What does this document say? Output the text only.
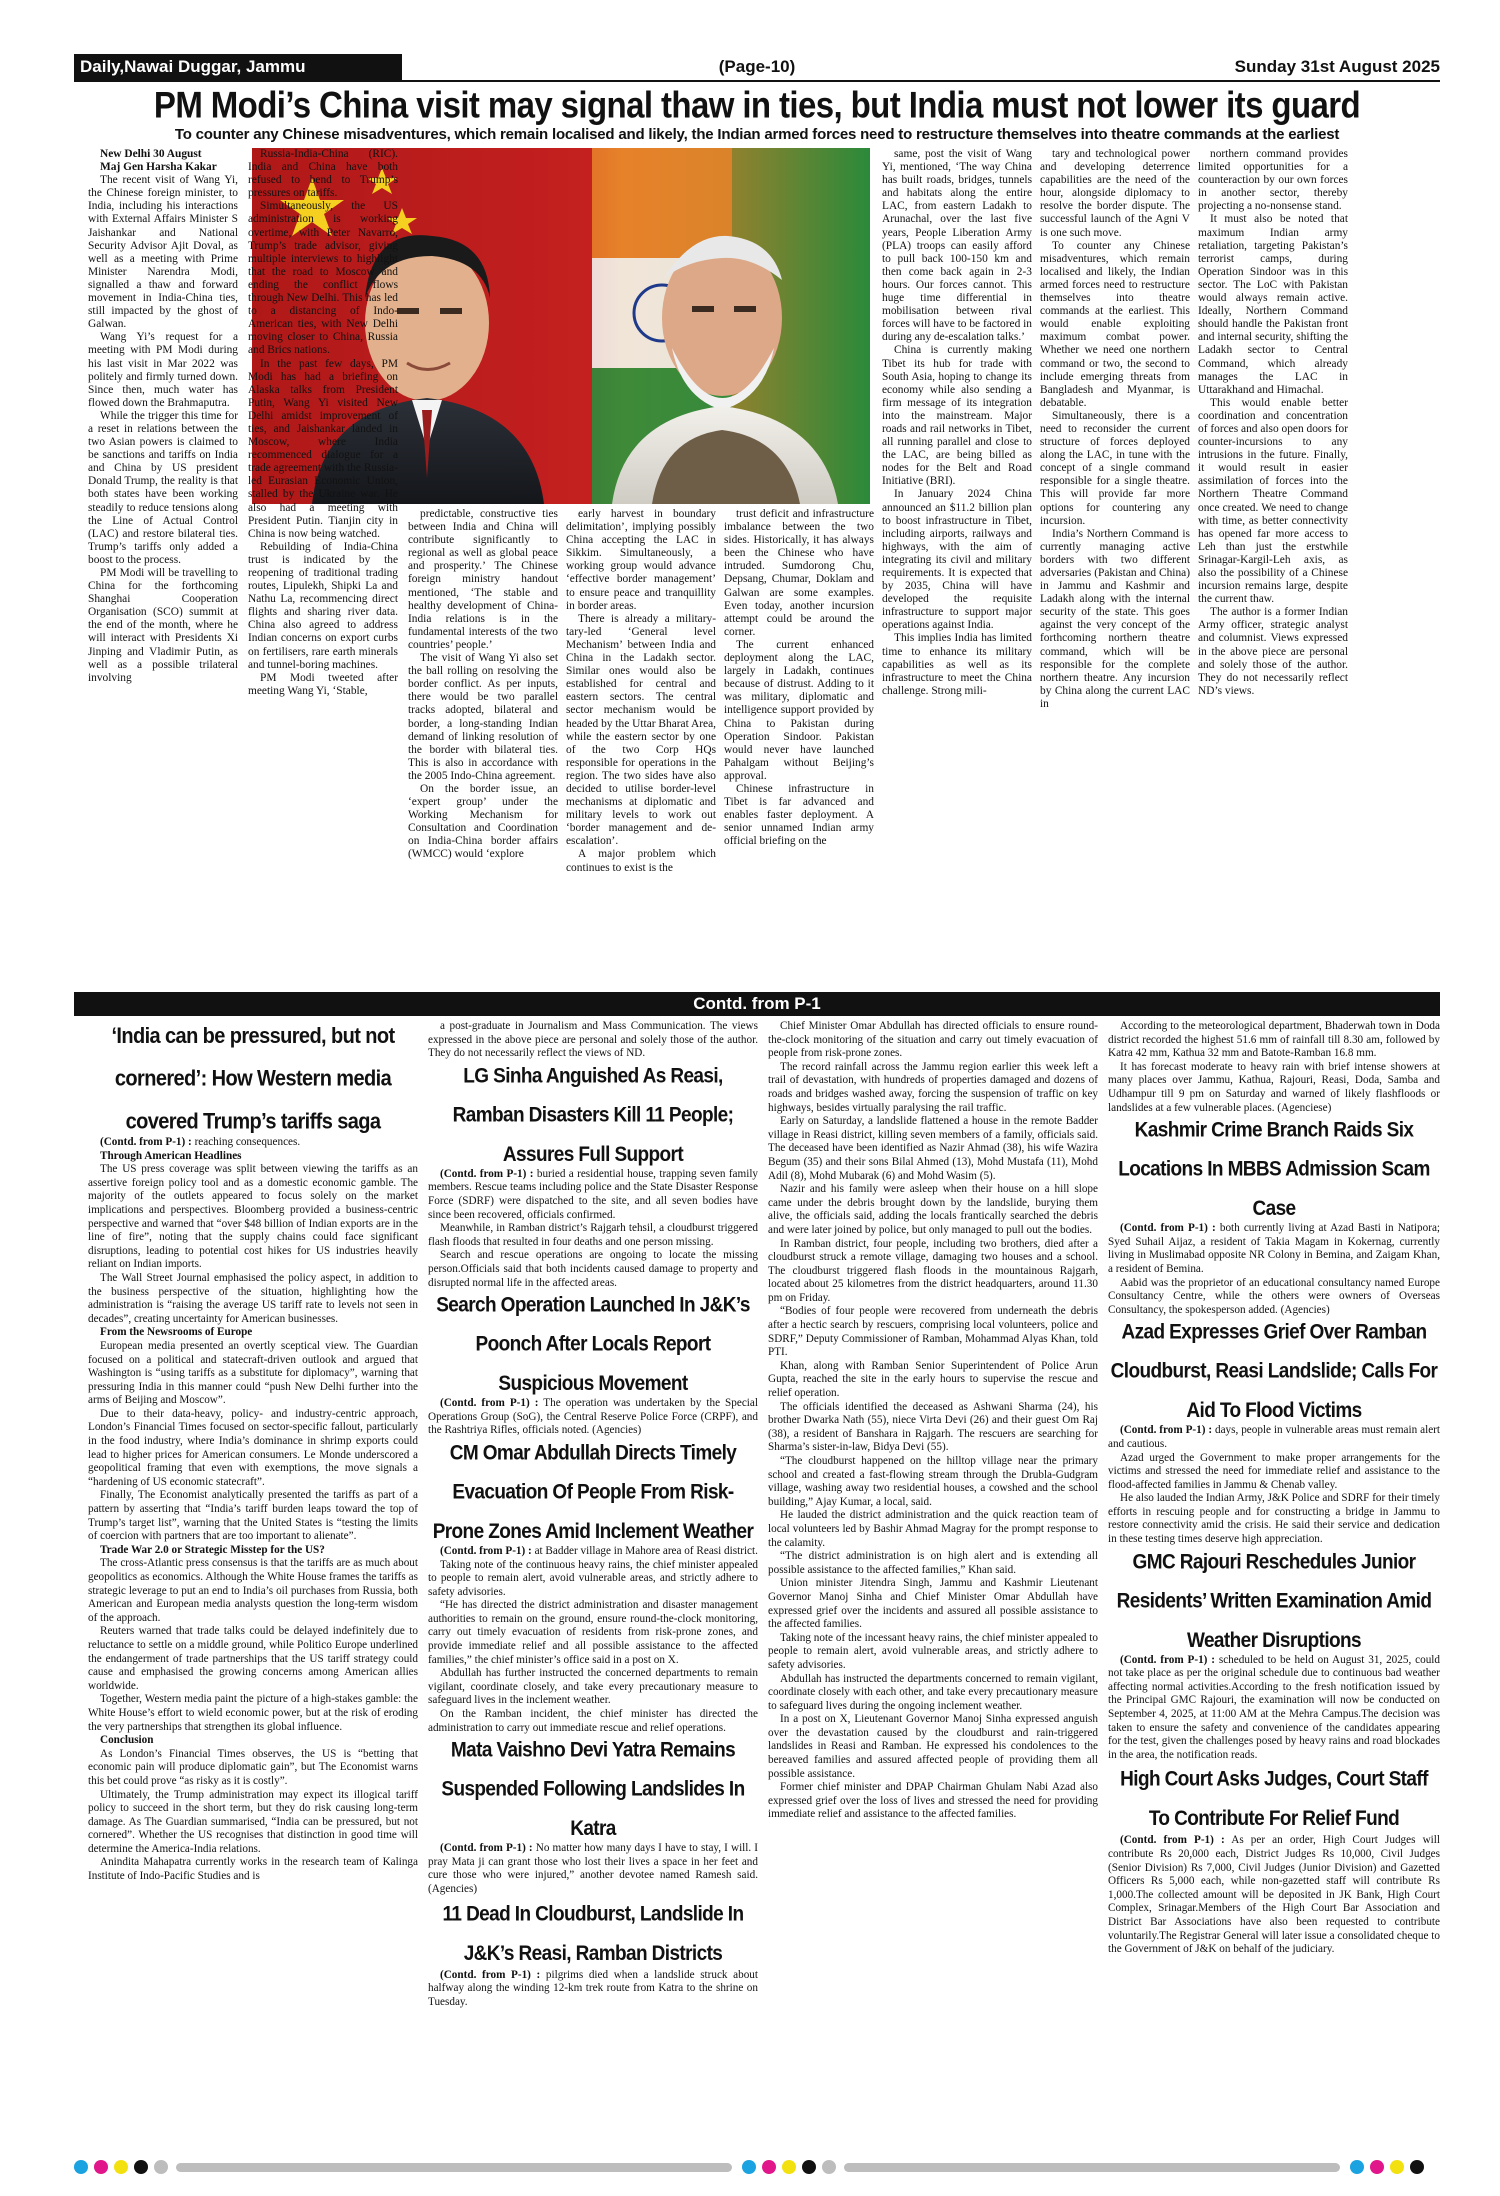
Daily,Nawai Duggar, Jammu	(Page-10)	Sunday 31st August 2025
PM Modi’s China visit may signal thaw in ties, but India must not lower its guard
To counter any Chinese misadventures, which remain localised and likely, the Indian armed forces need to restructure themselves into theatre commands at the earliest

New Delhi 30 August

Maj Gen Harsha Kakar

The recent visit of Wang Yi, the Chinese foreign minister, to India, including his interactions with External Affairs Minister S Jaishankar and National Security Advisor Ajit Doval, as well as a meeting with Prime Minister Narendra Modi, signalled a thaw and forward movement in India-China ties, still impacted by the ghost of Galwan.

Wang Yi’s request for a meeting with PM Modi during his last visit in Mar 2022 was politely and firmly turned down. Since then, much water has flowed down the Brahmaputra.

While the trigger this time for a reset in relations between the two Asian powers is claimed to be sanctions and tariffs on India and China by US president Donald Trump, the reality is that both states have been working steadily to reduce tensions along the Line of Actual Control (LAC) and restore bilateral ties. Trump’s tariffs only added a boost to the process.

PM Modi will be travelling to China for the forthcoming Shanghai Cooperation Organisation (SCO) summit at the end of the month, where he will interact with Presidents Xi Jinping and Vladimir Putin, as well as a possible trilateral involving

Russia-India-China (RIC). India and China have both refused to bend to Trump’s pressures on tariffs.

Simultaneously, the US administration is working overtime, with Peter Navarro, Trump’s trade advisor, giving multiple interviews to highlight that the road to Moscow and ending the conflict flows through New Delhi. This has led to a distancing of Indo-American ties, with New Delhi moving closer to China, Russia and Brics nations.

In the past few days, PM Modi has had a briefing on Alaska talks from President Putin, Wang Yi visited New Delhi amidst improvement of ties, and Jaishankar landed in Moscow, where India recommenced dialogue for a trade agreement with the Russia-led Eurasian Economic Union, stalled by the Ukraine war. He also had a meeting with President Putin. Tianjin city in China is now being watched.

Rebuilding of India-China trust is indicated by the reopening of traditional trading routes, Lipulekh, Shipki La and Nathu La, recommencing direct flights and sharing river data. China also agreed to address Indian concerns on export curbs on fertilisers, rare earth minerals and tunnel-boring machines.

PM Modi tweeted after meeting Wang Yi, ‘Stable,

predictable, constructive ties between India and China will contribute significantly to regional as well as global peace and prosperity.’ The Chinese foreign ministry handout mentioned, ‘The stable and healthy development of China-India relations is in the fundamental interests of the two countries’ people.’

The visit of Wang Yi also set the ball rolling on resolving the border conflict. As per inputs, there would be two parallel tracks adopted, bilateral and border, a long-standing Indian demand of linking resolution of the border with bilateral ties. This is also in accordance with the 2005 Indo-China agreement.

On the border issue, an ‘expert group’ under the Working Mechanism for Consultation and Coordination on India-China border affairs (WMCC) would ‘explore

early harvest in boundary delimitation’, implying possibly China accepting the LAC in Sikkim. Simultaneously, a working group would advance ‘effective border management’ to ensure peace and tranquillity in border areas.

There is already a military-tary-led ‘General level Mechanism’ between India and China in the Ladakh sector. Similar ones would also be established for central and eastern sectors. The central sector mechanism would be headed by the Uttar Bharat Area, while the eastern sector by one of the two Corp HQs responsible for operations in the region. The two sides have also decided to utilise border-level mechanisms at diplomatic and military levels to work out ‘border management and de-escalation’.

A major problem which continues to exist is the

trust deficit and infrastructure imbalance between the two sides. Historically, it has always been the Chinese who have intruded. Sumdorong Chu, Depsang, Chumar, Doklam and Galwan are some examples. Even today, another incursion attempt could be around the corner.

The current enhanced deployment along the LAC, largely in Ladakh, continues because of distrust. Adding to it was military, diplomatic and intelligence support provided by China to Pakistan during Operation Sindoor. Pakistan would never have launched Pahalgam without Beijing’s approval.

Chinese infrastructure in Tibet is far advanced and enables faster deployment. A senior unnamed Indian army official briefing on the

same, post the visit of Wang Yi, mentioned, ‘The way China has built roads, bridges, tunnels and habitats along the entire LAC, from eastern Ladakh to Arunachal, over the last five years, People Liberation Army (PLA) troops can easily afford to pull back 100-150 km and then come back again in 2-3 hours. Our forces cannot. This huge time differential in mobilisation between rival forces will have to be factored in during any de-escalation talks.’

China is currently making Tibet its hub for trade with South Asia, hoping to change its economy while also sending a firm message of its integration into the mainstream. Major roads and rail networks in Tibet, all running parallel and close to the LAC, are being billed as nodes for the Belt and Road Initiative (BRI).

In January 2024 China announced an $11.2 billion plan to boost infrastructure in Tibet, including airports, railways and highways, with the aim of integrating its civil and military requirements. It is expected that by 2035, China will have developed the requisite infrastructure to support major operations against India.

This implies India has limited time to enhance its military capabilities as well as its infrastructure to meet the China challenge. Strong mili-

tary and technological power and developing deterrence capabilities are the need of the hour, alongside diplomacy to resolve the border dispute. The successful launch of the Agni V is one such move.

To counter any Chinese misadventures, which remain localised and likely, the Indian armed forces need to restructure themselves into theatre commands at the earliest. This would enable exploiting maximum combat power. Whether we need one northern command or two, the second to include emerging threats from Bangladesh and Myanmar, is debatable.

Simultaneously, there is a need to reconsider the current structure of forces deployed along the LAC, in tune with the concept of a single command responsible for a single theatre. This will provide far more options for countering any incursion.

India’s Northern Command is currently managing active borders with two different adversaries (Pakistan and China) in Jammu and Kashmir and Ladakh along with the internal security of the state. This goes against the very concept of the forthcoming northern theatre command, which will be responsible for the complete northern theatre. Any incursion by China along the current LAC in

northern command provides limited opportunities for a counteraction by our own forces in another sector, thereby projecting a no-nonsense stand.

It must also be noted that maximum Indian army retaliation, targeting Pakistan’s terrorist camps, during Operation Sindoor was in this sector. The LoC with Pakistan would always remain active. Ideally, Northern Command should handle the Pakistan front and internal security, shifting the Ladakh sector to Central Command, which already manages the LAC in Uttarakhand and Himachal.

This would enable better coordination and concentration of forces and also open doors for counter-incursions to any intrusions in the future. Finally, it would result in easier assimilation of forces into the Northern Theatre Command once created. We need to change with time, as better connectivity has opened far more access to Leh than just the erstwhile Srinagar-Kargil-Leh axis, as also the possibility of a Chinese incursion remains large, despite the current thaw.

The author is a former Indian Army officer, strategic analyst and columnist. Views expressed in the above piece are personal and solely those of the author. They do not necessarily reflect ND’s views.

Contd. from P-1
‘India can be pressured, but not cornered’: How Western media covered Trump’s tariffs saga

(Contd. from P-1) : reaching consequences.

Through American Headlines

The US press coverage was split between viewing the tariffs as an assertive foreign policy tool and as a domestic economic gamble. The majority of the outlets appeared to focus solely on the market implications and perspectives. Bloomberg provided a business-centric perspective and warned that “over $48 billion of Indian exports are in the line of fire”, noting that the supply chains could face significant disruptions, leading to potential cost hikes for US industries heavily reliant on Indian imports.

The Wall Street Journal emphasised the policy aspect, in addition to the business perspective of the situation, highlighting how the administration is “raising the average US tariff rate to levels not seen in decades”, creating uncertainty for American businesses.

From the Newsrooms of Europe

European media presented an overtly sceptical view. The Guardian focused on a political and statecraft-driven outlook and argued that Washington is “using tariffs as a substitute for diplomacy”, warning that pressuring India in this manner could “push New Delhi further into the arms of Beijing and Moscow”.

Due to their data-heavy, policy- and industry-centric approach, London’s Financial Times focused on sector-specific fallout, particularly in the food industry, where India’s dominance in shrimp exports could lead to higher prices for American consumers. Le Monde underscored a geopolitical framing that even with exemptions, the move signals a “hardening of US economic statecraft”.

Finally, The Economist analytically presented the tariffs as part of a pattern by asserting that “India’s tariff burden leaps toward the top of Trump’s target list”, warning that the United States is “testing the limits of coercion with partners that are too important to alienate”.

Trade War 2.0 or Strategic Misstep for the US?

The cross-Atlantic press consensus is that the tariffs are as much about geopolitics as economics. Although the White House frames the tariffs as strategic leverage to put an end to India’s oil purchases from Russia, both American and European media analysts question the long-term wisdom of the approach.

Reuters warned that trade talks could be delayed indefinitely due to reluctance to settle on a middle ground, while Politico Europe underlined the endangerment of trade partnerships that the US tariff strategy could cause and emphasised the growing concerns among American allies worldwide.

Together, Western media paint the picture of a high-stakes gamble: the White House’s effort to wield economic power, but at the risk of eroding the very partnerships that strengthen its global influence.

Conclusion

As London’s Financial Times observes, the US is “betting that economic pain will produce diplomatic gain”, but The Economist warns this bet could prove “as risky as it is costly”.

Ultimately, the Trump administration may expect its illogical tariff policy to succeed in the short term, but they do risk causing long-term damage. As The Guardian summarised, “India can be pressured, but not cornered”. Whether the US recognises that distinction in good time will determine the America-India relations.

Anindita Mahapatra currently works in the research team of Kalinga Institute of Indo-Pacific Studies and is

a post-graduate in Journalism and Mass Communication. The views expressed in the above piece are personal and solely those of the author. They do not necessarily reflect the views of ND.

LG Sinha Anguished As Reasi, Ramban Disasters Kill 11 People; Assures Full Support

(Contd. from P-1) : buried a residential house, trapping seven family members. Rescue teams including police and the State Disaster Response Force (SDRF) were dispatched to the site, and all seven bodies have since been recovered, officials confirmed.

Meanwhile, in Ramban district’s Rajgarh tehsil, a cloudburst triggered flash floods that resulted in four deaths and one person missing.

Search and rescue operations are ongoing to locate the missing person.Officials said that both incidents caused damage to property and disrupted normal life in the affected areas.

Search Operation Launched In J&K’s Poonch After Locals Report Suspicious Movement

(Contd. from P-1) : The operation was undertaken by the Special Operations Group (SoG), the Central Reserve Police Force (CRPF), and the Rashtriya Rifles, officials noted. (Agencies)

CM Omar Abdullah Directs Timely Evacuation Of People From Risk-Prone Zones Amid Inclement Weather

(Contd. from P-1) : at Badder village in Mahore area of Reasi district.

Taking note of the continuous heavy rains, the chief minister appealed to people to remain alert, avoid vulnerable areas, and strictly adhere to safety advisories.

“He has directed the district administration and disaster management authorities to remain on the ground, ensure round-the-clock monitoring, carry out timely evacuation of residents from risk-prone zones, and provide immediate relief and all possible assistance to the affected families,” the chief minister’s office said in a post on X.

Abdullah has further instructed the concerned departments to remain vigilant, coordinate closely, and take every precautionary measure to safeguard lives in the inclement weather.

On the Ramban incident, the chief minister has directed the administration to carry out immediate rescue and relief operations.

Mata Vaishno Devi Yatra Remains Suspended Following Landslides In Katra

(Contd. from P-1) : No matter how many days I have to stay, I will. I pray Mata ji can grant those who lost their lives a space in her feet and cure those who were injured,” another devotee named Ramesh said.(Agencies)

11 Dead In Cloudburst, Landslide In J&K’s Reasi, Ramban Districts

(Contd. from P-1) : pilgrims died when a landslide struck about halfway along the winding 12-km trek route from Katra to the shrine on Tuesday.

Chief Minister Omar Abdullah has directed officials to ensure round-the-clock monitoring of the situation and carry out timely evacuation of people from risk-prone zones.

The record rainfall across the Jammu region earlier this week left a trail of devastation, with hundreds of properties damaged and dozens of roads and bridges washed away, forcing the suspension of traffic on key highways, besides virtually paralysing the rail traffic.

Early on Saturday, a landslide flattened a house in the remote Badder village in Reasi district, killing seven members of a family, officials said. The deceased have been identified as Nazir Ahmad (38), his wife Wazira Begum (35) and their sons Bilal Ahmed (13), Mohd Mustafa (11), Mohd Adil (8), Mohd Mubarak (6) and Mohd Wasim (5).

Nazir and his family were asleep when their house on a hill slope came under the debris brought down by the landslide, burying them alive, the officials said, adding the locals frantically searched the debris and were later joined by police, but only managed to pull out the bodies.

In Ramban district, four people, including two brothers, died after a cloudburst struck a remote village, damaging two houses and a school. The cloudburst triggered flash floods in the mountainous Rajgarh, located about 25 kilometres from the district headquarters, around 11.30 pm on Friday.

“Bodies of four people were recovered from underneath the debris after a hectic search by rescuers, comprising local volunteers, police and SDRF,” Deputy Commissioner of Ramban, Mohammad Alyas Khan, told PTI.

Khan, along with Ramban Senior Superintendent of Police Arun Gupta, reached the site in the early hours to supervise the rescue and relief operation.

The officials identified the deceased as Ashwani Sharma (24), his brother Dwarka Nath (55), niece Virta Devi (26) and their guest Om Raj (38), a resident of Banshara in Rajgarh. The rescuers are searching for Sharma’s sister-in-law, Bidya Devi (55).

“The cloudburst happened on the hilltop village near the primary school and created a fast-flowing stream through the Drubla-Gudgram village, washing away two residential houses, a cowshed and the school building,” Ajay Kumar, a local, said.

He lauded the district administration and the quick reaction team of local volunteers led by Bashir Ahmad Magray for the prompt response to the calamity.

“The district administration is on high alert and is extending all possible assistance to the affected families,” Khan said.

Union minister Jitendra Singh, Jammu and Kashmir Lieutenant Governor Manoj Sinha and Chief Minister Omar Abdullah have expressed grief over the incidents and assured all possible assistance to the affected families.

Taking note of the incessant heavy rains, the chief minister appealed to people to remain alert, avoid vulnerable areas, and strictly adhere to safety advisories.

Abdullah has instructed the departments concerned to remain vigilant, coordinate closely with each other, and take every precautionary measure to safeguard lives during the ongoing inclement weather.

In a post on X, Lieutenant Governor Manoj Sinha expressed anguish over the devastation caused by the cloudburst and rain-triggered landslides in Reasi and Ramban. He expressed his condolences to the bereaved families and assured affected people of providing them all possible assistance.

Former chief minister and DPAP Chairman Ghulam Nabi Azad also expressed grief over the loss of lives and stressed the need for providing immediate relief and assistance to the affected families.

According to the meteorological department, Bhaderwah town in Doda district recorded the highest 51.6 mm of rainfall till 8.30 am, followed by Katra 42 mm, Kathua 32 mm and Batote-Ramban 16.8 mm.

It has forecast moderate to heavy rain with brief intense showers at many places over Jammu, Kathua, Rajouri, Reasi, Doda, Samba and Udhampur till 9 pm on Saturday and warned of likely flashfloods or landslides at a few vulnerable places. (Agenciese)

Kashmir Crime Branch Raids Six Locations In MBBS Admission Scam Case

(Contd. from P-1) : both currently living at Azad Basti in Natipora; Syed Suhail Aijaz, a resident of Takia Magam in Kokernag, currently living in Muslimabad opposite NR Colony in Bemina, and Zaigam Khan, a resident of Bemina.

Aabid was the proprietor of an educational consultancy named Europe Consultancy Centre, while the others were owners of Overseas Consultancy, the spokesperson added. (Agencies)

Azad Expresses Grief Over Ramban Cloudburst, Reasi Landslide; Calls For Aid To Flood Victims

(Contd. from P-1) : days, people in vulnerable areas must remain alert and cautious.

Azad urged the Government to make proper arrangements for the victims and stressed the need for immediate relief and assistance to the flood-affected families in Jammu & Chenab valley.

He also lauded the Indian Army, J&K Police and SDRF for their timely efforts in rescuing people and for constructing a bridge in Jammu to restore connectivity amid the crisis. He said their service and dedication in these testing times deserve high appreciation.

GMC Rajouri Reschedules Junior Residents’ Written Examination Amid Weather Disruptions

(Contd. from P-1) : scheduled to be held on August 31, 2025, could not take place as per the original schedule due to continuous bad weather affecting normal activities.According to the fresh notification issued by the Principal GMC Rajouri, the examination will now be conducted on September 4, 2025, at 11:00 AM at the Mehra Campus.The decision was taken to ensure the safety and convenience of the candidates appearing for the test, given the challenges posed by heavy rains and road blockades in the area, the notification reads.

High Court Asks Judges, Court Staff To Contribute For Relief Fund

(Contd. from P-1) : As per an order, High Court Judges will contribute Rs 20,000 each, District Judges Rs 10,000, Civil Judges (Senior Division) Rs 7,000, Civil Judges (Junior Division) and Gazetted Officers Rs 5,000 each, while non-gazetted staff will contribute Rs 1,000.The collected amount will be deposited in JK Bank, High Court Complex, Srinagar.Members of the High Court Bar Association and District Bar Associations have also been requested to contribute voluntarily.The Registrar General will later issue a consolidated cheque to the Government of J&K on behalf of the judiciary.
